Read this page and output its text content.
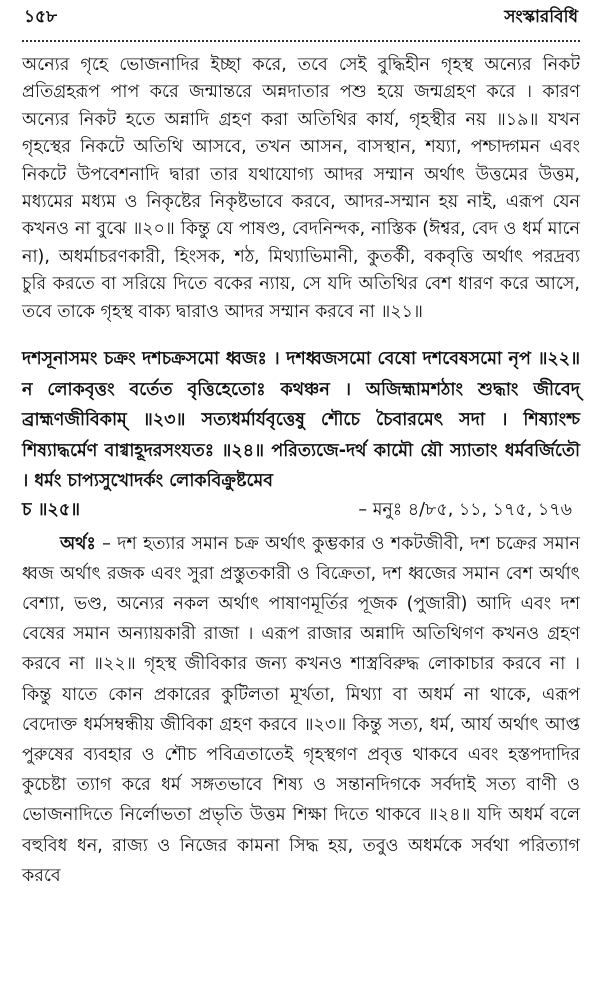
১৫৮	সংস্কারবিধি

অন্যের গৃহে ভোজনাদির ইচ্ছা করে, তবে সেই বুদ্ধিহীন গৃহস্থ অন্যের নিকট প্রতিগ্রহরূপ পাপ করে জন্মান্তরে অন্নদাতার পশু হয়ে জন্মগ্রহণ করে । কারণ অন্যের নিকট হতে অন্নাদি গ্রহণ করা অতিথির কার্য, গৃহস্থীর নয় ॥১৯॥ যখন গৃহস্থের নিকটে অতিথি আসবে, তখন আসন, বাসস্থান, শয্যা, পশ্চাদ্গমন এবং নিকটে উপবেশনাদি দ্বারা তার যথাযোগ্য আদর সম্মান অর্থাৎ উত্তমের উত্তম, মধ্যমের মধ্যম ও নিকৃষ্টের নিকৃষ্টভাবে করবে, আদর-সম্মান হয় নাই, এরূপ যেন কখনও না বুঝে ॥২০॥ কিন্তু যে পাষণ্ড, বেদনিন্দক, নাস্তিক (ঈশ্বর, বেদ ও ধর্ম মানে না), অধর্মাচরণকারী, হিংসক, শঠ, মিথ্যাভিমানী, কুতর্কী, বকবৃত্তি অর্থাৎ পরদ্রব্য চুরি করতে বা সরিয়ে দিতে বকের ন্যায়, সে যদি অতিথির বেশ ধারণ করে আসে, তবে তাকে গৃহস্থ বাক্য দ্বারাও আদর সম্মান করবে না ॥২১॥

দশসূনাসমং চক্রং দশচক্রসমো ধ্বজঃ । দশধ্বজসমো বেষো দশবেষসমো নৃপ ॥২২॥ ন লোকবৃত্তং বর্তেত বৃত্তিহেতোঃ কথঞ্চন । অজিহ্মামশঠাং শুদ্ধাং জীবেদ্ ব্রাহ্মণজীবিকাম্ ॥২৩॥ সত্যধর্মার্যবৃত্তেষু শৌচে চৈবারমেৎ সদা । শিষ্যাংশ্চ শিষ্যাদ্ধর্মেণ বাগ্বাহূদরসংযতঃ ॥২৪॥ পরিত্যজে-দর্থ কামৌ য়ৌ স্যাতাং ধর্মবর্জিতৌ । ধর্মং চাপ্যসুখোদর্কং লোকবিক্রুষ্টমেব

চ ॥২৫॥	– মনুঃ ৪/৮৫, ১১, ১৭৫, ১৭৬

অর্থঃ – দশ হত্যার সমান চক্র অর্থাৎ কুম্ভকার ও শকটজীবী, দশ চক্রের সমান ধ্বজ অর্থাৎ রজক এবং সুরা প্রস্তুতকারী ও বিক্রেতা, দশ ধ্বজের সমান বেশ অর্থাৎ বেশ্যা, ভণ্ড, অন্যের নকল অর্থাৎ পাষাণমূর্তির পূজক (পুজারী) আদি এবং দশ বেষের সমান অন্যায়কারী রাজা । এরূপ রাজার অন্নাদি অতিথিগণ কখনও গ্রহণ করবে না ॥২২॥ গৃহস্থ জীবিকার জন্য কখনও শাস্ত্রবিরুদ্ধ লোকাচার করবে না । কিন্তু যাতে কোন প্রকারের কুটিলতা মূর্খতা, মিথ্যা বা অধর্ম না থাকে, এরূপ বেদোক্ত ধর্মসম্বন্ধীয় জীবিকা গ্রহণ করবে ॥২৩॥ কিন্তু সত্য, ধর্ম, আর্য অর্থাৎ আপ্ত পুরুষের ব্যবহার ও শৌচ পবিত্রতাতেই গৃহস্থগণ প্রবৃত্ত থাকবে এবং হস্তপদাদির কুচেষ্টা ত্যাগ করে ধর্ম সঙ্গতভাবে শিষ্য ও সন্তানদিগকে সর্বদাই সত্য বাণী ও ভোজনাদিতে নির্লোভতা প্রভৃতি উত্তম শিক্ষা দিতে থাকবে ॥২৪॥ যদি অধর্ম বলে বহুবিধ ধন, রাজ্য ও নিজের কামনা সিদ্ধ হয়, তবুও অধর্মকে সর্বথা পরিত্যাগ করবে
